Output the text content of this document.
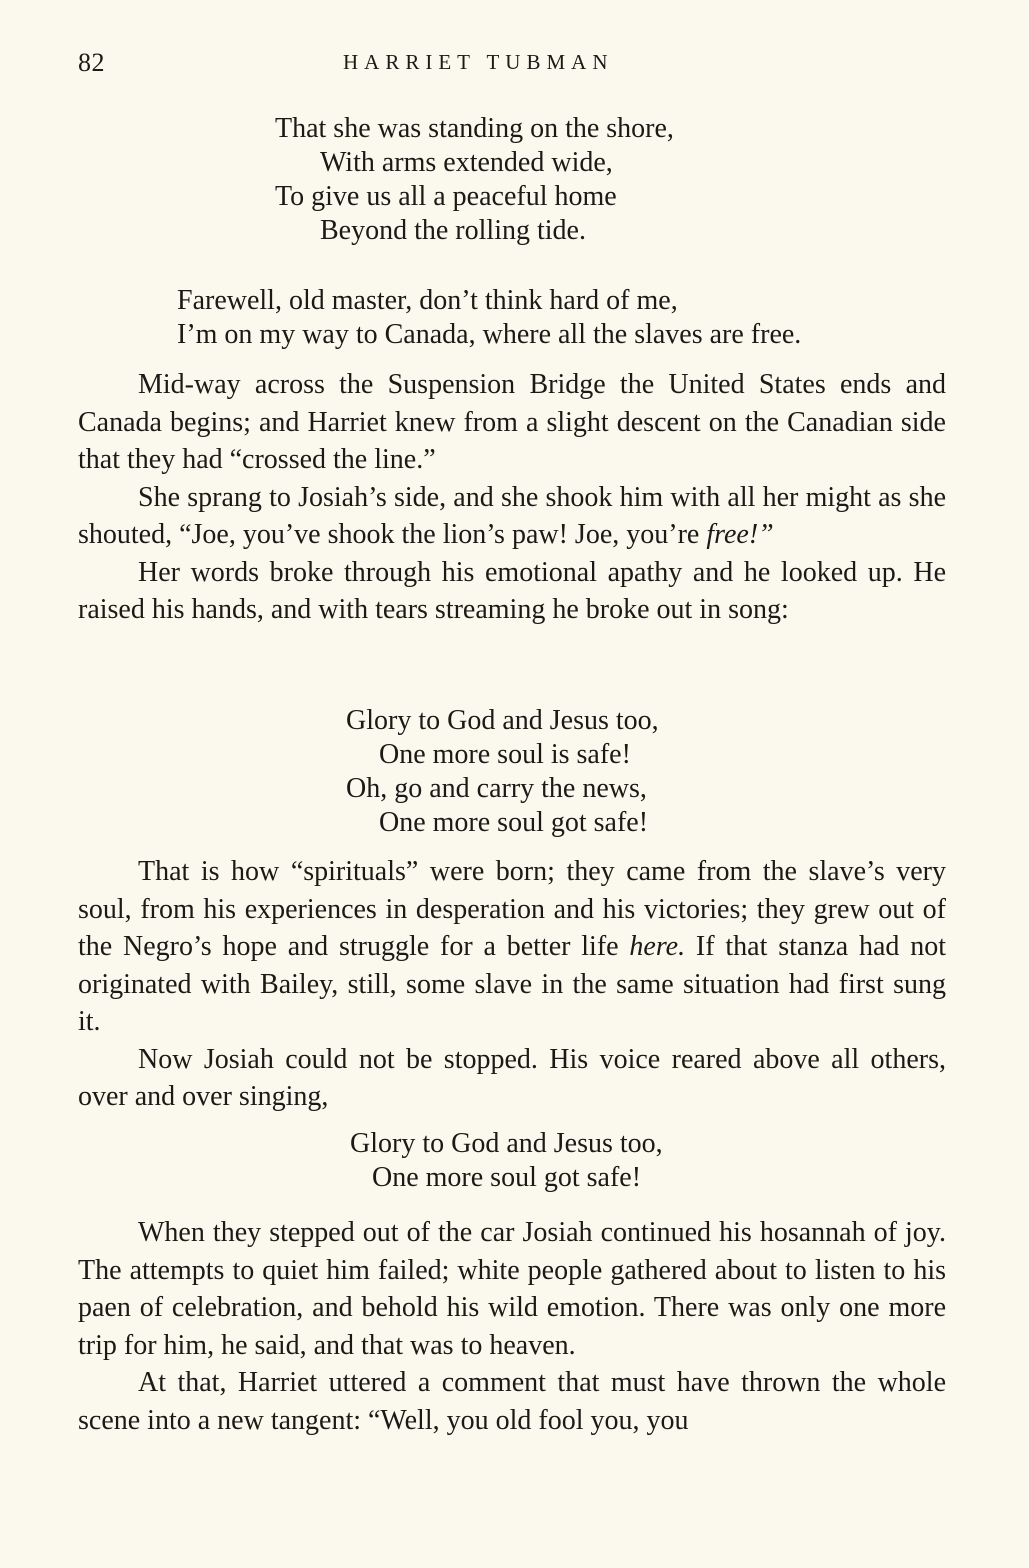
82	HARRIET TUBMAN
That she was standing on the shore,
With arms extended wide,
To give us all a peaceful home
Beyond the rolling tide.
Farewell, old master, don’t think hard of me,
I’m on my way to Canada, where all the slaves are free.

Mid-way across the Suspension Bridge the United States ends and Canada begins; and Harriet knew from a slight descent on the Canadian side that they had “crossed the line.”

She sprang to Josiah’s side, and she shook him with all her might as she shouted, “Joe, you’ve shook the lion’s paw! Joe, you’re free!”

Her words broke through his emotional apathy and he looked up. He raised his hands, and with tears streaming he broke out in song:

Glory to God and Jesus too,
One more soul is safe!
Oh, go and carry the news,
One more soul got safe!

That is how “spirituals” were born; they came from the slave’s very soul, from his experiences in desperation and his victories; they grew out of the Negro’s hope and struggle for a better life here. If that stanza had not originated with Bailey, still, some slave in the same situation had first sung it.

Now Josiah could not be stopped. His voice reared above all others, over and over singing,

Glory to God and Jesus too,
One more soul got safe!

When they stepped out of the car Josiah continued his hosannah of joy. The attempts to quiet him failed; white people gathered about to listen to his paen of celebration, and behold his wild emotion. There was only one more trip for him, he said, and that was to heaven.

At that, Harriet uttered a comment that must have thrown the whole scene into a new tangent: “Well, you old fool you, you
